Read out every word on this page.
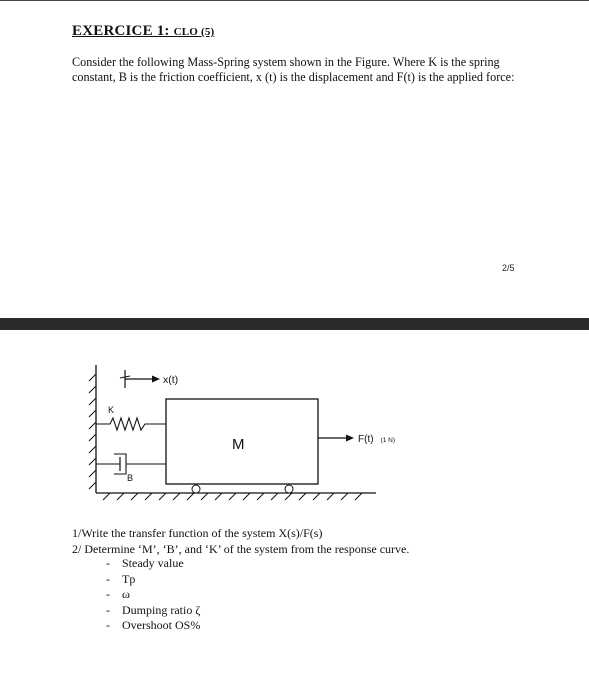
EXERCICE 1: CLO (5)
Consider the following Mass-Spring system shown in the Figure. Where K is the spring constant, B is the friction coefficient, x (t) is the displacement and F(t) is the applied force:
2/5
x(t)
M
K
B
F(t) (1 N)
1/Write the transfer function of the system X(s)/F(s)
2/ Determine ‘M’, ‘B’, and ‘K’ of the system from the response curve.
- Steady value
- Tp
- ω
- Dumping ratio ζ
- Overshoot OS%
